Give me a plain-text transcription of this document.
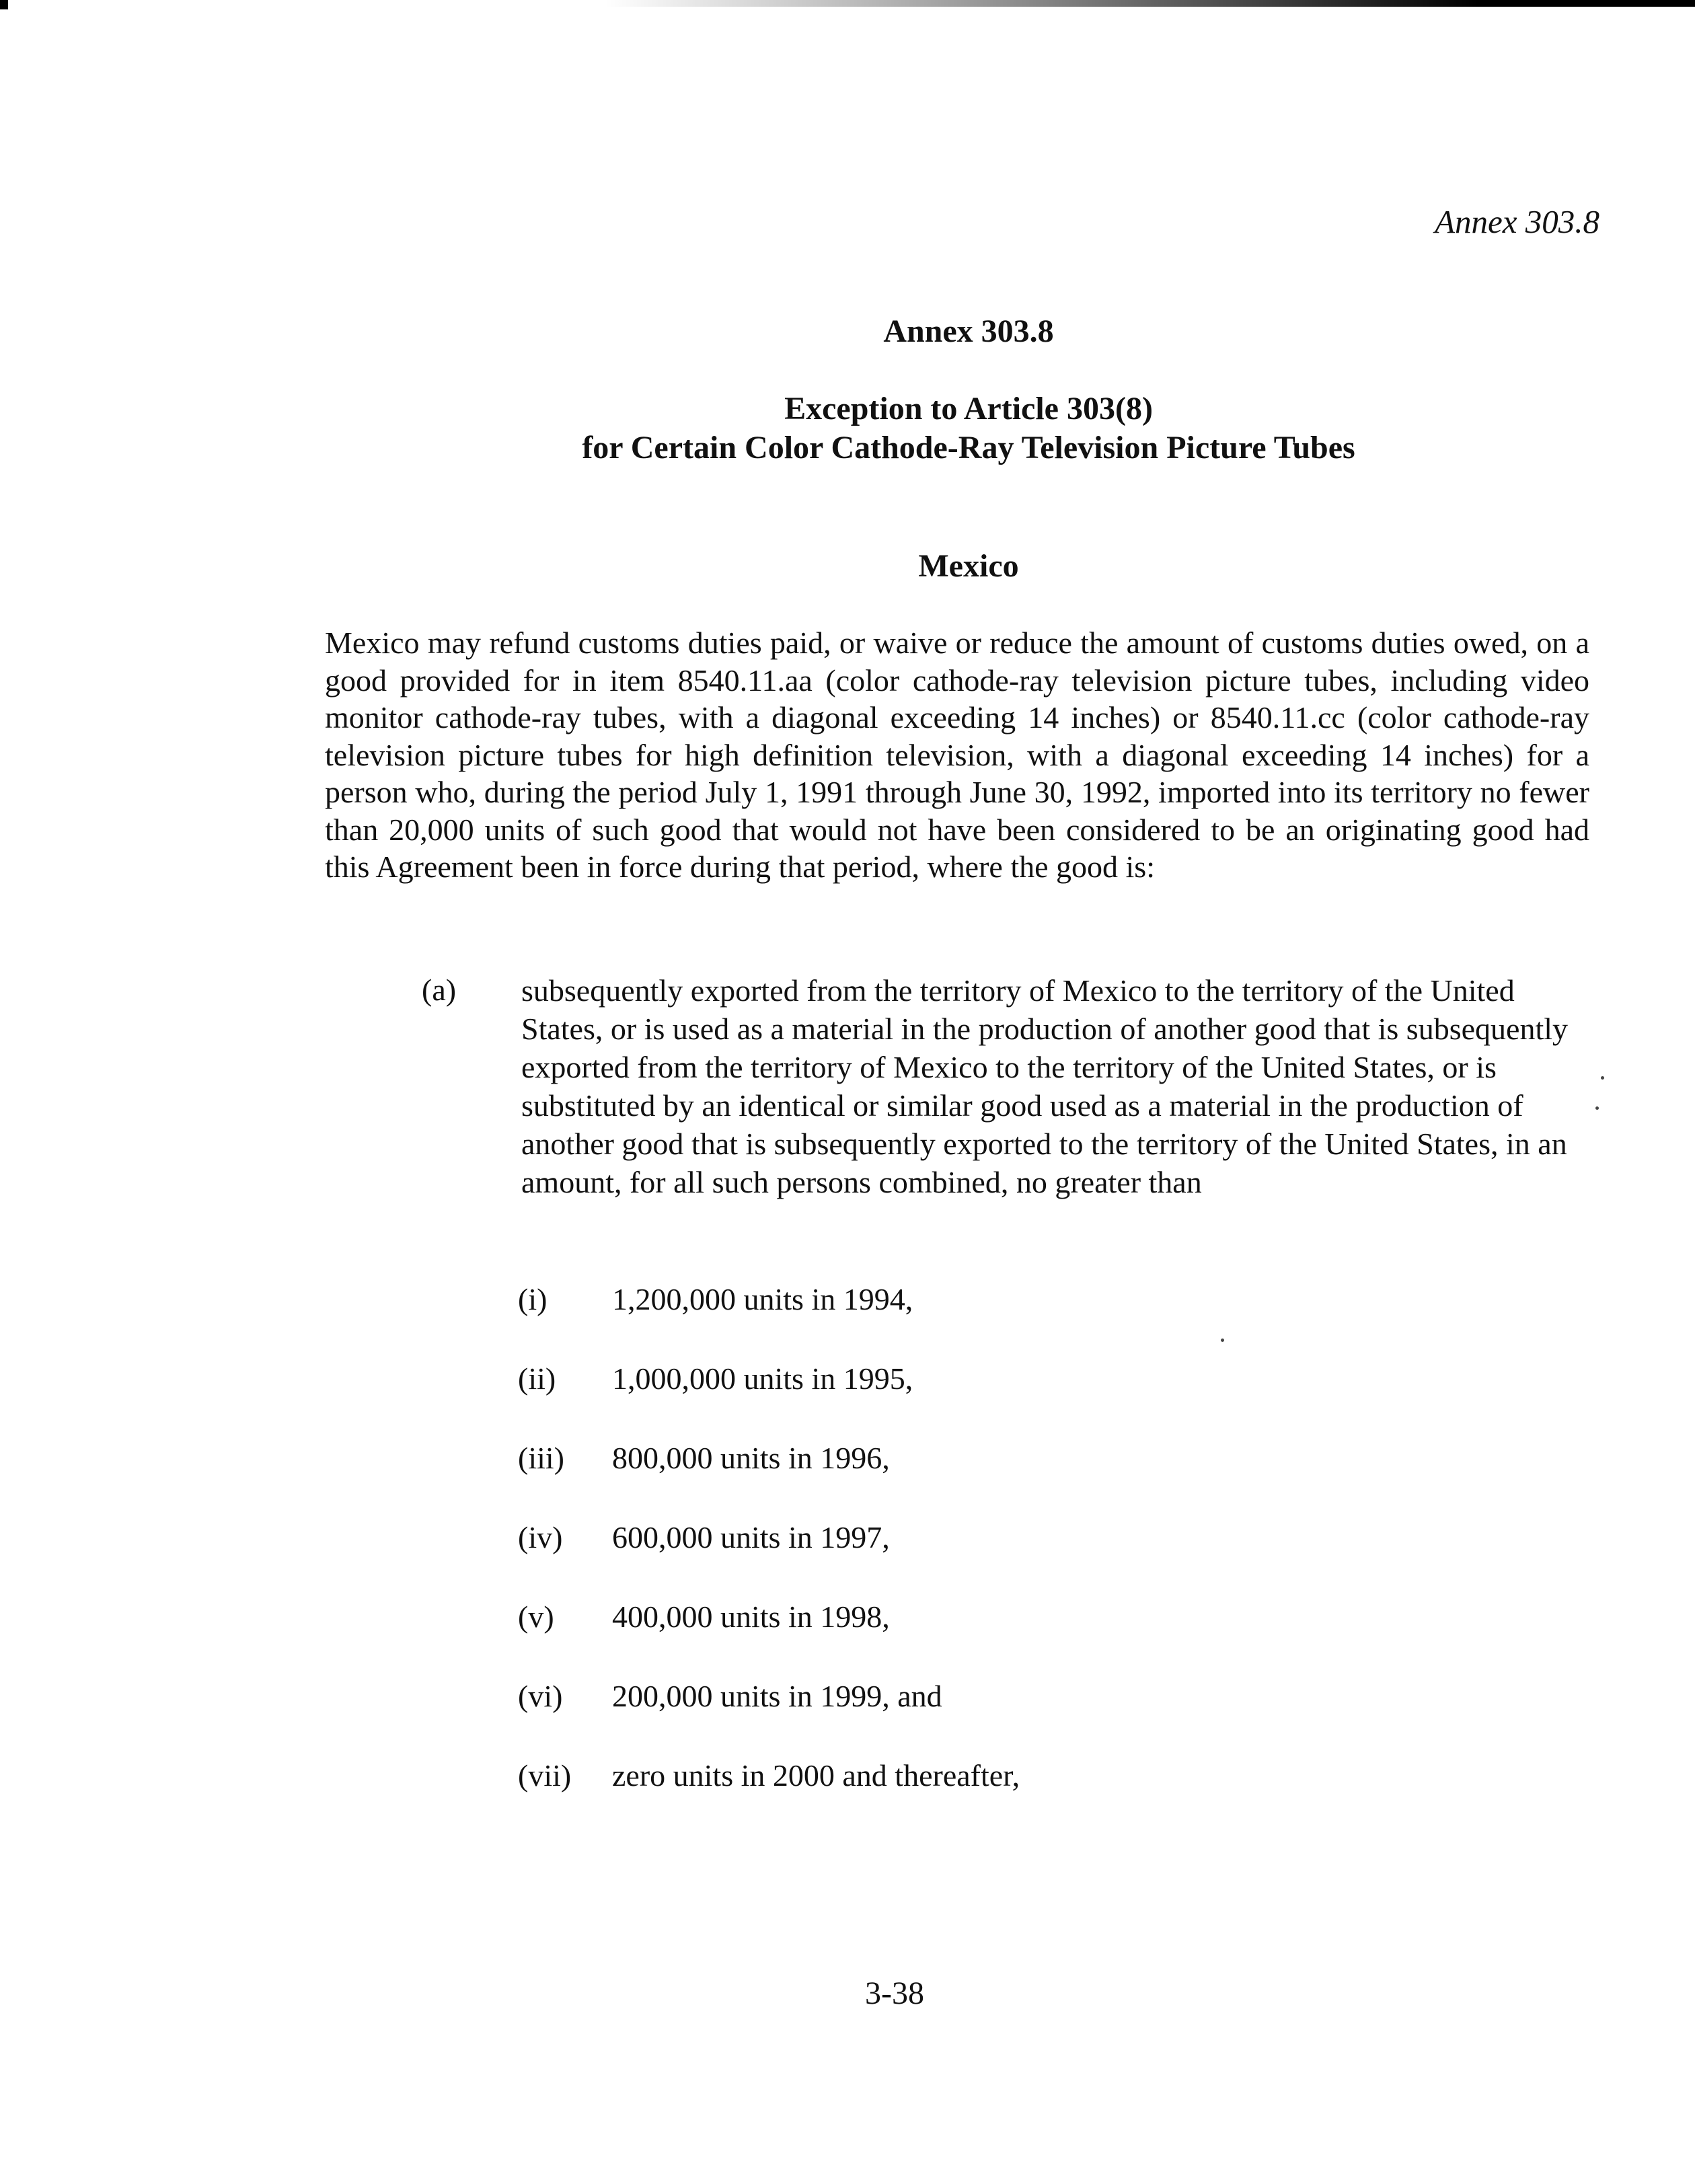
Annex 303.8
Annex 303.8
Exception to Article 303(8)
for Certain Color Cathode-Ray Television Picture Tubes
Mexico
Mexico may refund customs duties paid, or waive or reduce the amount of customs duties owed, on a good provided for in item 8540.11.aa (color cathode-ray television picture tubes, including video monitor cathode-ray tubes, with a diagonal exceeding 14 inches) or 8540.11.cc (color cathode-ray television picture tubes for high definition television, with a diagonal exceeding 14 inches) for a person who, during the period July 1, 1991 through June 30, 1992, imported into its territory no fewer than 20,000 units of such good that would not have been considered to be an originating good had this Agreement been in force during that period, where the good is:
(a) subsequently exported from the territory of Mexico to the territory of the United States, or is used as a material in the production of another good that is subsequently exported from the territory of Mexico to the territory of the United States, or is substituted by an identical or similar good used as a material in the production of another good that is subsequently exported to the territory of the United States, in an amount, for all such persons combined, no greater than
(i)	1,200,000 units in 1994,
(ii)	1,000,000 units in 1995,
(iii)	800,000 units in 1996,
(iv)	600,000 units in 1997,
(v)	400,000 units in 1998,
(vi)	200,000 units in 1999, and
(vii)	zero units in 2000 and thereafter,
3-38
